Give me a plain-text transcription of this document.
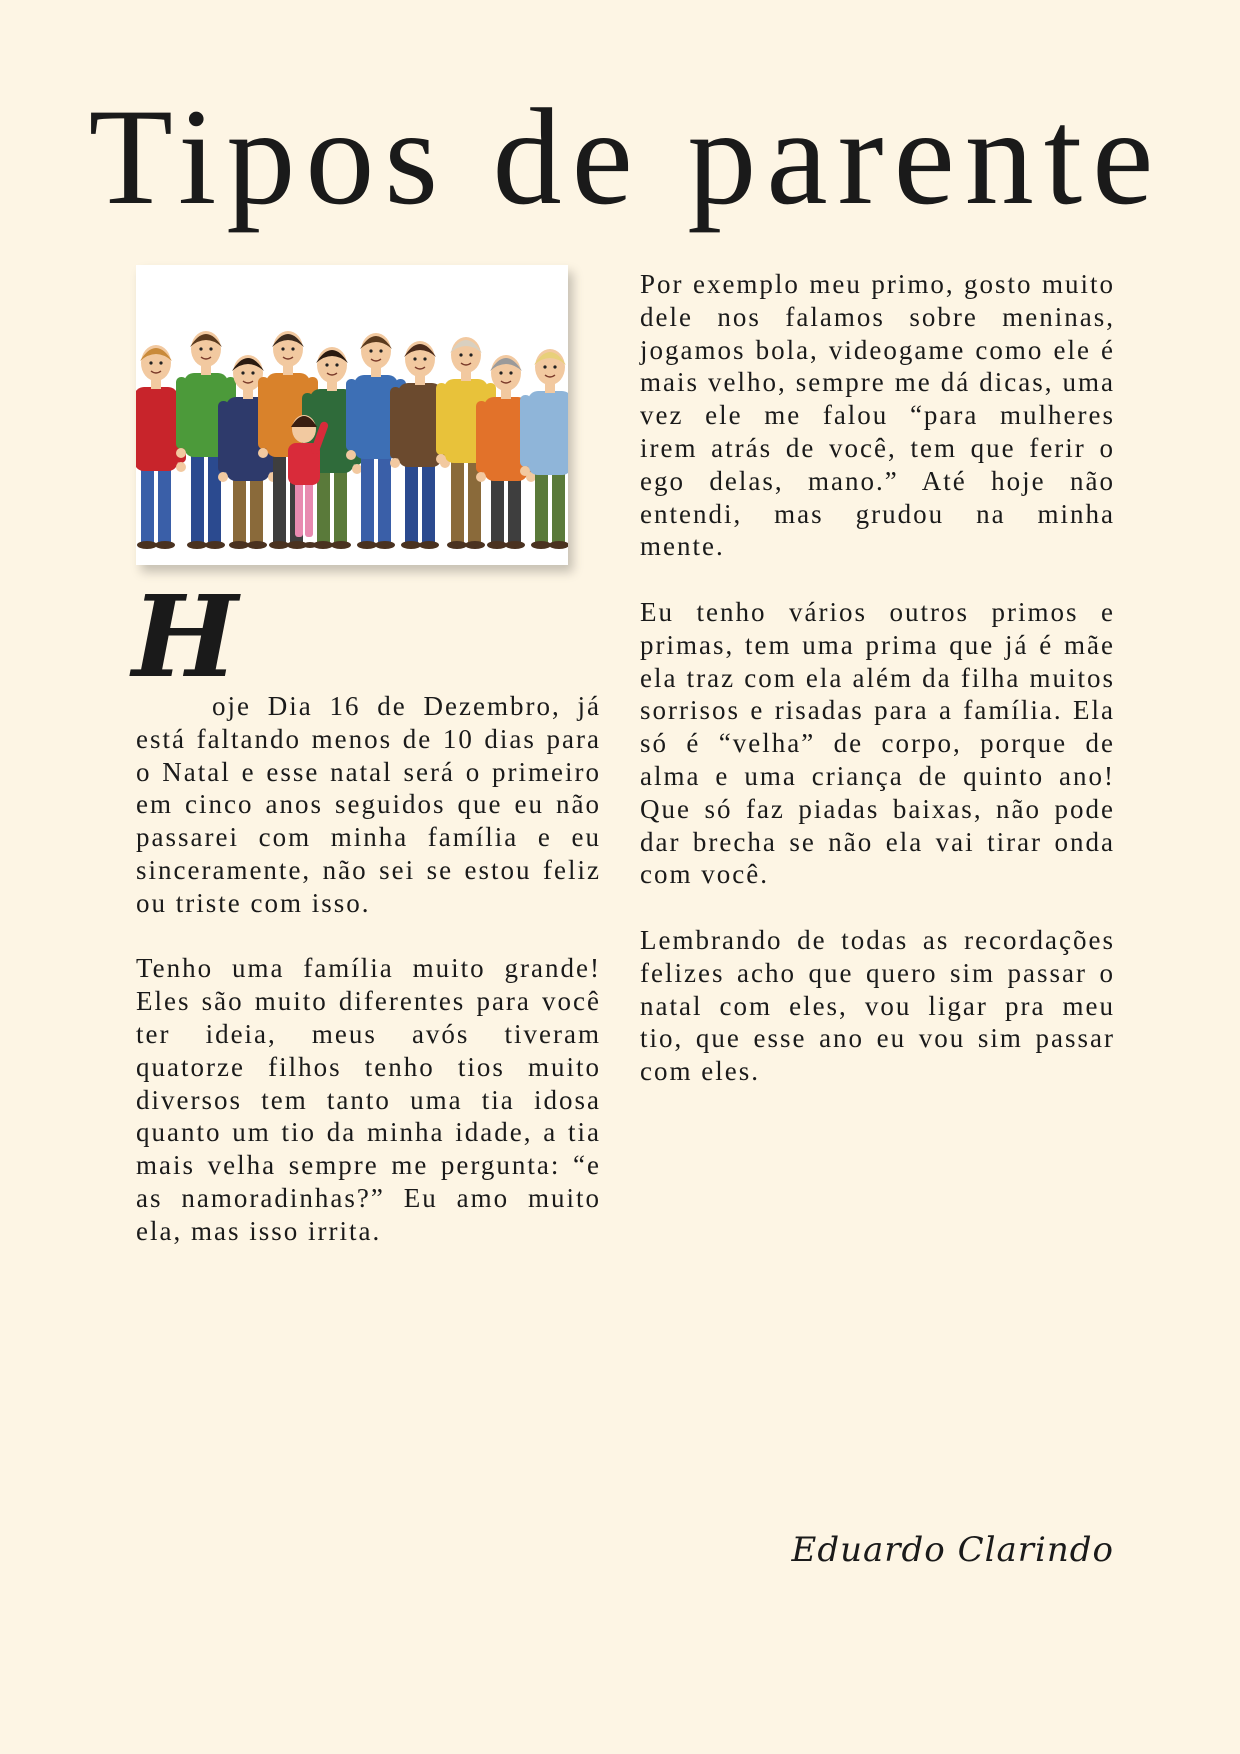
Tipos de parente
H

oje Dia 16 de Dezembro, já está faltando menos de 10 dias para o Natal e esse natal será o primeiro em cinco anos seguidos que eu não passarei com minha família e eu sinceramente, não sei se estou feliz ou triste com isso.

Tenho uma família muito grande! Eles são muito diferentes para você ter ideia, meus avós tiveram quatorze filhos tenho tios muito diversos tem tanto uma tia idosa quanto um tio da minha idade, a tia mais velha sempre me pergunta: “e as namoradinhas?” Eu amo muito ela, mas isso irrita.

Por exemplo meu primo, gosto muito dele nos falamos sobre meninas, jogamos bola, videogame como ele é mais velho, sempre me dá dicas, uma vez ele me falou “para mulheres irem atrás de você, tem que ferir o ego delas, mano.” Até hoje não entendi, mas grudou na minha mente.

Eu tenho vários outros primos e primas, tem uma prima que já é mãe ela traz com ela além da filha muitos sorrisos e risadas para a família. Ela só é “velha” de corpo, porque de alma e uma criança de quinto ano! Que só faz piadas baixas, não pode dar brecha se não ela vai tirar onda com você.

Lembrando de todas as recordações felizes acho que quero sim passar o natal com eles, vou ligar pra meu tio, que esse ano eu vou sim passar com eles.

Eduardo Clarindo
